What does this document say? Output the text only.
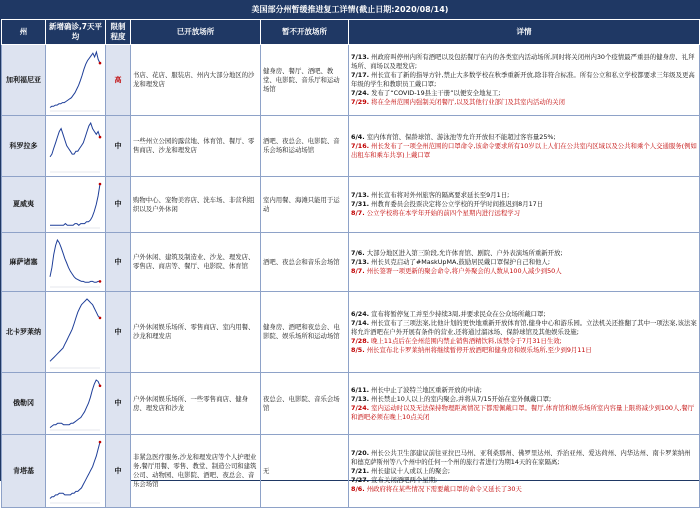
美国部分州暂缓推进复工详情(截止日期:2020/08/14)
州	新增确诊,7天平均	限制程度	已开放场所	暂不开放场所	详情
加利福尼亚		高	书店、花店、服装店、州内大部分地区的沙龙和理发店	健身房、餐厅、酒吧、教堂、电影院、音乐厅和运动场馆	7/13. 州政府叫停州内所有酒吧以及包括餐厅在内的各类室内活动场所,同时将关闭州内30个疫情最严重县的健身房、礼拜场所、商场以及理发店;
7/17. 州长宣布了新的指导方针,禁止大多数学校在秋季重新开放,除非符合标准。所有公立和私立学校都要求三年级及更高年级的学生和教职员工戴口罩;
7/24. 发布了“COVID-19县主干册”以便安全地复工;
7/29. 将在全州范围内强制关闭餐厅,以及其他行业部门及其室内活动的关闭

科罗拉多		中	一些州立公园的露营地、体育馆、餐厅、零售商店、沙龙和理发店	酒吧、夜总会、电影院、音乐会场和运动场馆	6/4. 室内体育馆、保龄球馆、游泳池等允许开放但不能超过客容量25%;
7/16. 州长发布了一项全州范围的口罩命令,该命令要求所有10岁以上人们在公共室内区域以及公共和乘个人交通服务(例如出租车和乘车共享)上戴口罩

夏威夷		中	购物中心、宠物美容店、洗车场、非营利组织以及户外休闲	室内用餐、海滩只能用于运动	7/13. 州长宣布将对外州旅客的隔离要求延长至9月1日;
7/31. 州教育委员会投票决定将公立学校的开学时间推迟到8月17日
8/7. 公立学校将在本学年开始的前四个星期内进行远程学习

麻萨诸塞		中	户外休闲、建筑及制造业、沙龙、理发店、零售店、商店等、餐厅、电影院、体育馆	酒吧、夜总会和音乐会场馆	7/6. 大部分地区进入第三阶段,允许体育馆、剧院、户外表演场所重新开放;
7/13. 州长贝克启动了#MaskUpMA,鼓励居民戴口罩保护自己和他人;
8/7. 州长签署一项更新的聚会命令,将户外聚会的人数从100人减少到50人

北卡罗莱纳		中	户外休闲娱乐场所、零售商店、室内用餐、沙龙和理发店	健身房、酒吧和夜总会、电影院、娱乐场所和运动场馆	6/24. 宣布将暂停复工并至少持续3周,并要求民众在公众场所戴口罩;
7/14. 州长宣布了三项法案,比他计划的更快地重新开放体育馆,健身中心和游乐园。立法机关还推翻了其中一项法案,该法案将允许酒吧在户外开展有条件的营业,还将通过溜冰场、保龄球馆及其他娱乐设施;
7/28. 晚上11点后在全州范围内禁止销售酒精饮料,该禁令于7月31日生效;
8/5. 州长宣布北卡罗莱纳州将继续暂停开放酒吧和健身房和娱乐场所,至少到9月11日

俄勒冈		中	户外休闲娱乐场所、一些零售商店、健身房、理发店和沙龙	夜总会、电影院、音乐会场馆	6/11. 州长中止了波特兰地区重新开放的申请;
7/13. 州长禁止10人以上的室内聚会,并将从7/15开始在室外佩戴口罩;
7/24. 室内运动时以及无法保持物理距离情况下都需佩戴口罩。餐厅,体育馆和娱乐场所室内容量上限将减少到100人,餐厅和酒吧必须在晚上10点关闭

肯塔基		中	非紧急医疗服务,沙龙和理发店等个人护理业务,餐厅用餐、零售、教堂、制造公司和建筑公司、动物园、电影院、酒吧、夜总会、音乐会场馆	无	7/20. 州长公共卫生部建议前往亚拉巴马州、亚利桑那州、佛罗里达州、乔治亚州、爱达荷州、内华达州、南卡罗莱纳州和德克萨斯州等八个州中的任何一个州的旅行者进行为期14天的在家隔离;
7/21. 州长建议十人或以上的聚会;
7/27. 宣布关闭酒吧两个星期;
8/6. 州政府将在某些情况下需要戴口罩的命令又延长了30天
